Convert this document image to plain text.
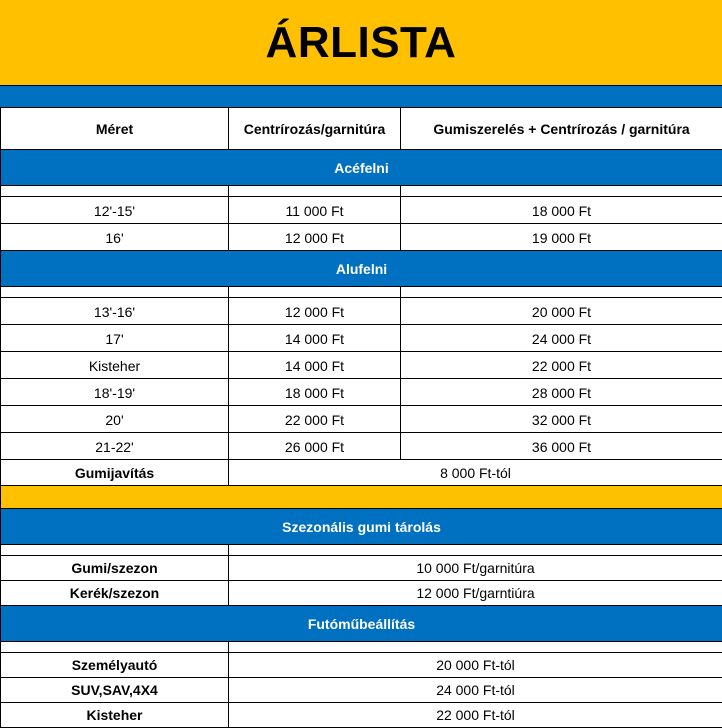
ÁRLISTA
Méret	Centrírozás/garnitúra	Gumiszerelés + Centrírozás / garnitúra
Acéfelni		

12'-15'	11 000 Ft	18 000 Ft
16'	12 000 Ft	19 000 Ft
Alufelni		

13'-16'	12 000 Ft	20 000 Ft
17'	14 000 Ft	24 000 Ft
Kisteher	14 000 Ft	22 000 Ft
18'-19'	18 000 Ft	28 000 Ft
20'	22 000 Ft	32 000 Ft
21-22'	26 000 Ft	36 000 Ft
Gumijavítás	8 000 Ft-tól	

Szezonális gumi tárolás		

Gumi/szezon	10 000 Ft/garnitúra	
Kerék/szezon	12 000 Ft/garntiúra	
Futóműbeállítás		

Személyautó	20 000 Ft-tól	
SUV,SAV,4X4	24 000 Ft-tól	
Kisteher	22 000 Ft-tól	
